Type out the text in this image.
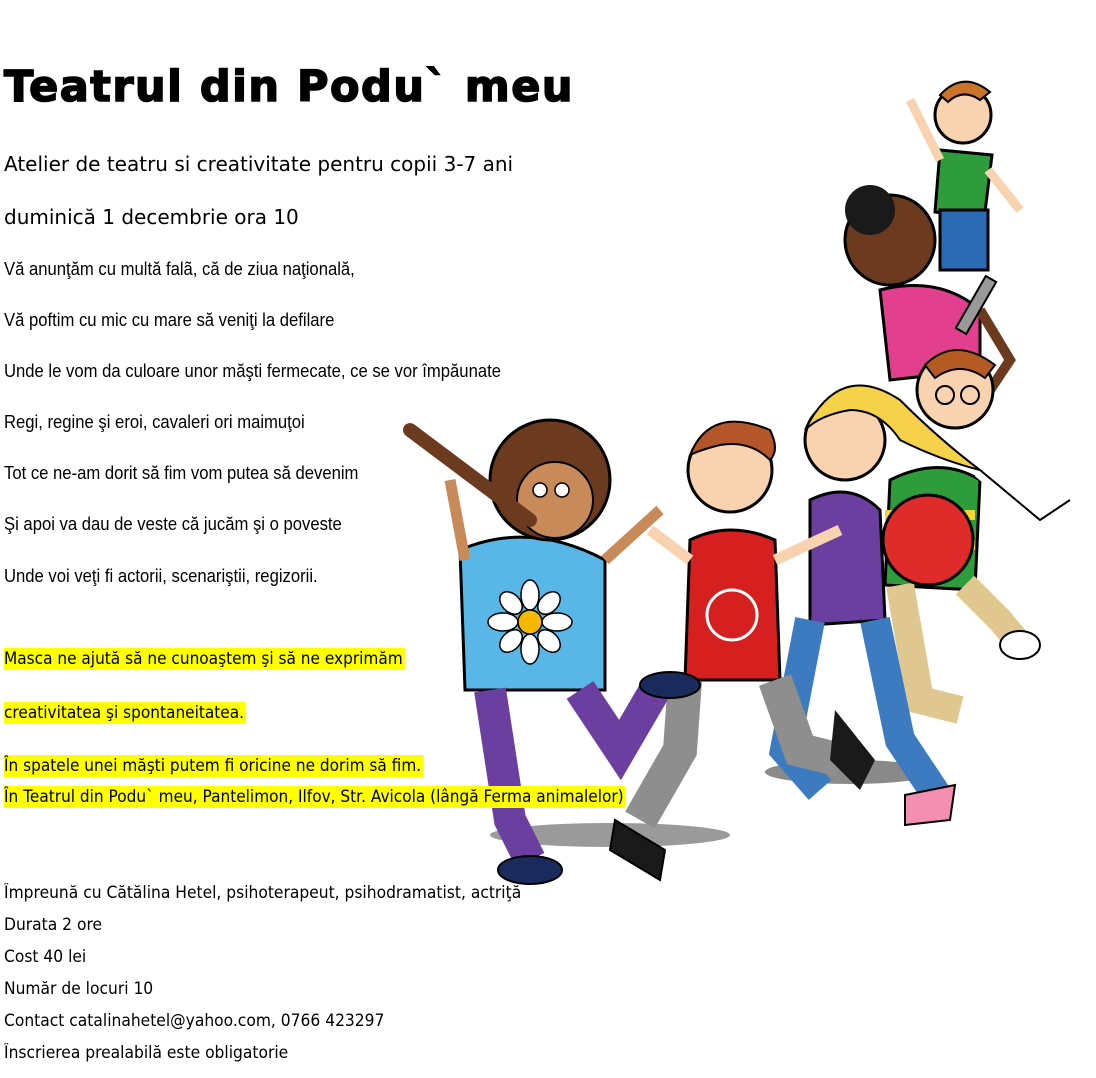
Teatrul din Podu` meu
Atelier de teatru si creativitate pentru copii 3-7 ani
duminică 1 decembrie ora 10
Vă anunţăm cu multă falã, că de ziua naţională,
Vă poftim cu mic cu mare să veniţi la defilare
Unde le vom da culoare unor măşti fermecate, ce se vor împăunate
Regi, regine şi eroi, cavaleri ori maimuţoi
Tot ce ne-am dorit să fim vom putea să devenim
Şi apoi va dau de veste că jucăm şi o poveste
Unde voi veţi fi actorii, scenariştii, regizorii.
Masca ne ajută să ne cunoaştem şi să ne exprimăm
creativitatea şi spontaneitatea.
În spatele unei măşti putem fi oricine ne dorim să fim.
În Teatrul din Podu` meu, Pantelimon, Ilfov, Str. Avicola (lângă Ferma animalelor)
Împreună cu Cătălina Hetel, psihoterapeut, psihodramatist, actriţă
Durata 2 ore
Cost 40 lei
Număr de locuri 10
Contact catalinahetel@yahoo.com, 0766 423297
Înscrierea prealabilă este obligatorie
